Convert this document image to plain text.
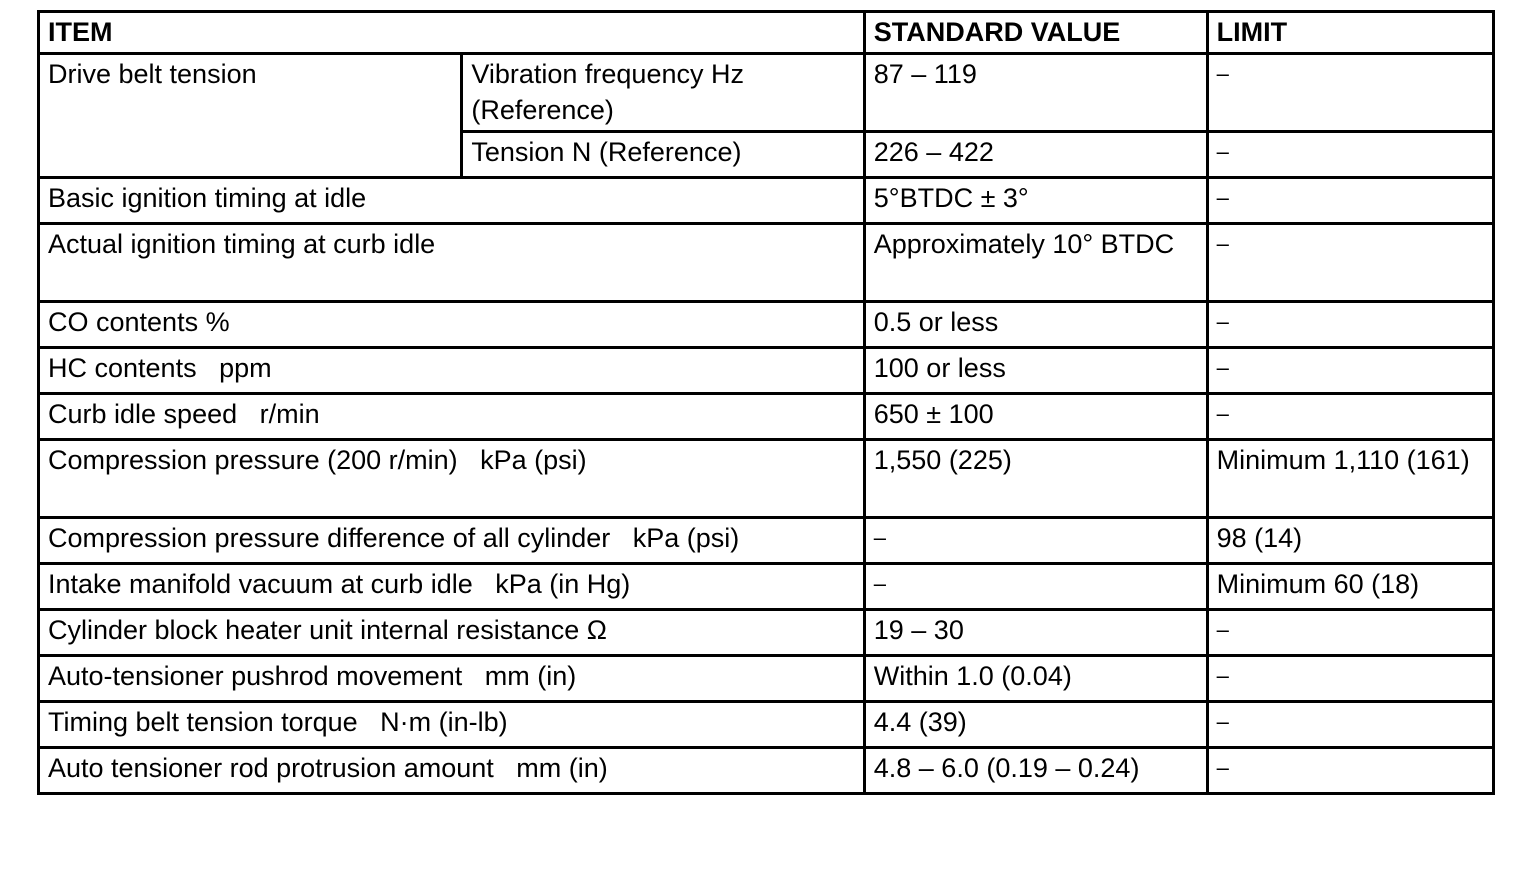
ITEM		STANDARD VALUE	LIMIT
Drive belt tension	Vibration frequency Hz (Reference)	87 – 119	–
	Tension N (Reference)	226 – 422	–
Basic ignition timing at idle		5°BTDC ± 3°	–
Actual ignition timing at curb idle		Approximately 10° BTDC	–
CO contents %		0.5 or less	–
HC contents   ppm		100 or less	–
Curb idle speed   r/min		650 ± 100	–
Compression pressure (200 r/min)   kPa (psi)		1,550 (225)	Minimum 1,110 (161)
Compression pressure difference of all cylinder   kPa (psi)		–	98 (14)
Intake manifold vacuum at curb idle   kPa (in Hg)		–	Minimum 60 (18)
Cylinder block heater unit internal resistance Ω		19 – 30	–
Auto-tensioner pushrod movement   mm (in)		Within 1.0 (0.04)	–
Timing belt tension torque   N·m (in-lb)		4.4 (39)	–
Auto tensioner rod protrusion amount   mm (in)		4.8 – 6.0 (0.19 – 0.24)	–
